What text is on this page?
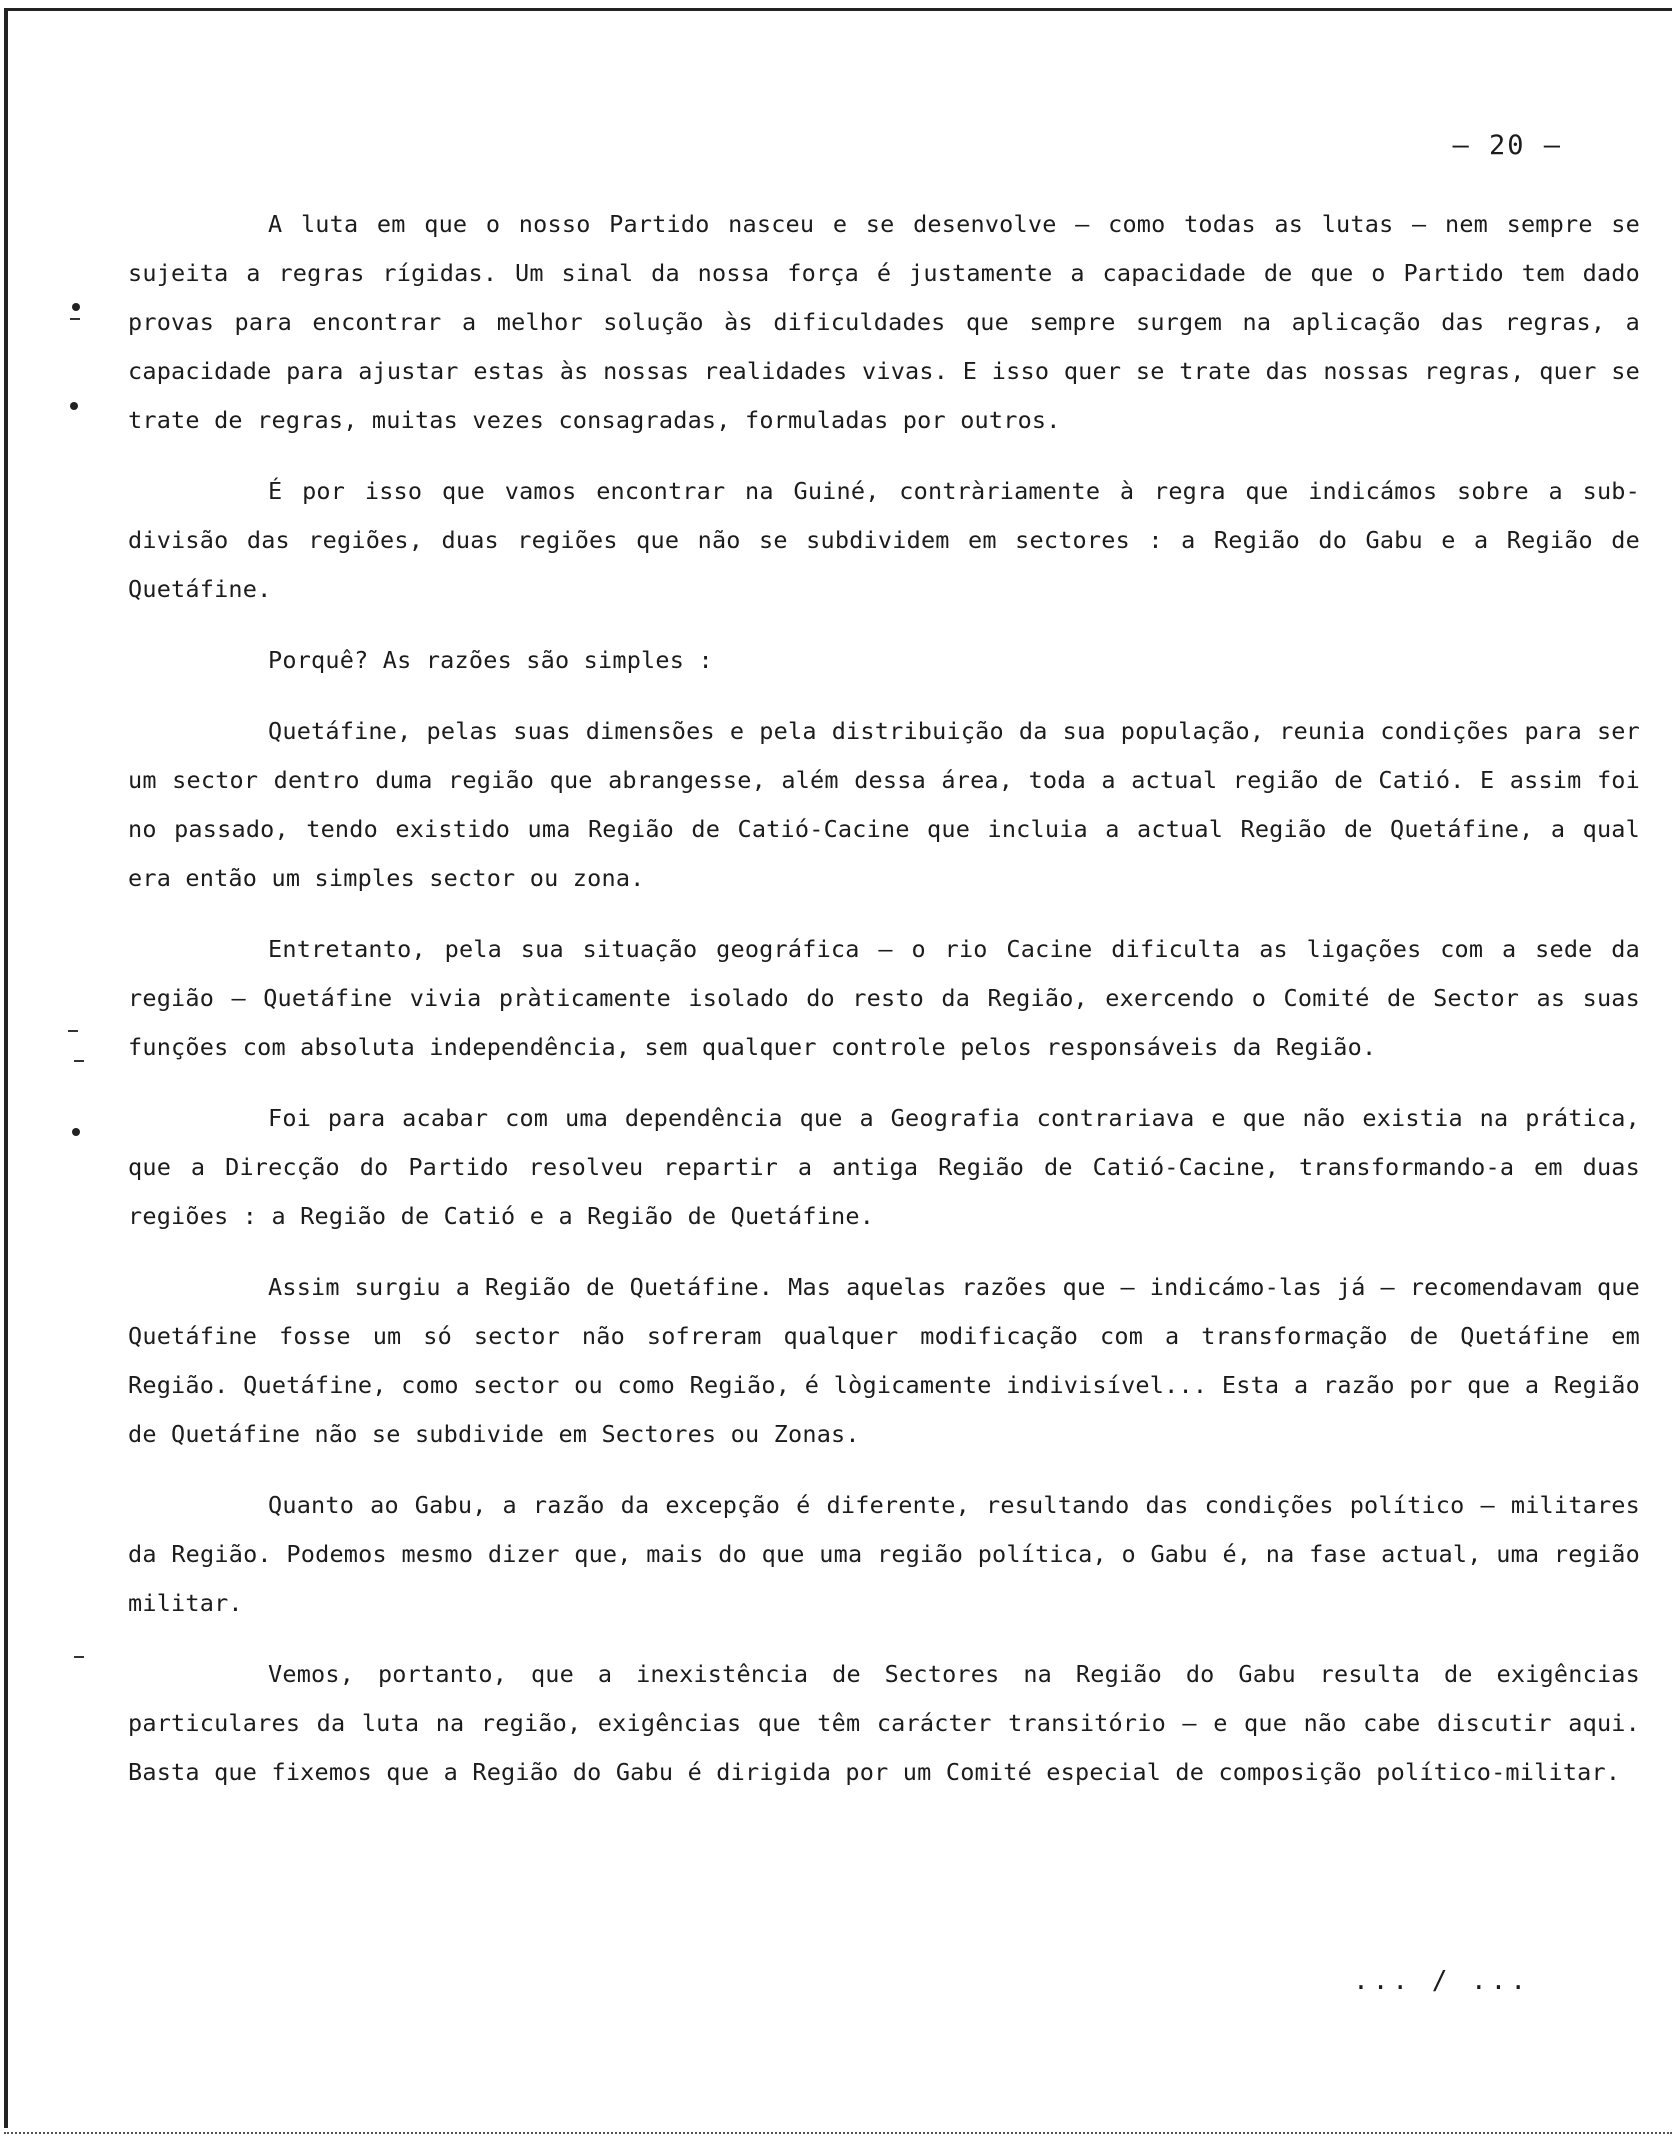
– 20 –

A luta em que o nosso Partido nasceu e se desenvolve – como todas as lutas – nem sempre se sujeita a regras rígidas. Um sinal da nossa força é justamente a capacidade de que o Partido tem dado provas para encontrar a melhor solução às dificuldades que sempre surgem na aplicação das regras, a capacidade para ajustar estas às nossas realidades vivas. E isso quer se trate das nossas regras, quer se trate de regras, muitas vezes consagradas, formuladas por outros.

É por isso que vamos encontrar na Guiné, contràriamente à regra que indicámos sobre a sub-divisão das regiões, duas regiões que não se subdividem em sectores : a Região do Gabu e a Região de Quetáfine.

Porquê? As razões são simples :

Quetáfine, pelas suas dimensões e pela distribuição da sua população, reunia condições para ser um sector dentro duma região que abrangesse, além dessa área, toda a actual região de Catió. E assim foi no passado, tendo existido uma Região de Catió-Cacine que incluia a actual Região de Quetáfine, a qual era então um simples sector ou zona.

Entretanto, pela sua situação geográfica – o rio Cacine dificulta as ligações com a sede da região – Quetáfine vivia pràticamente isolado do resto da Região, exercendo o Comité de Sector as suas funções com absoluta independência, sem qualquer controle pelos responsáveis da Região.

Foi para acabar com uma dependência que a Geografia contrariava e que não existia na prática, que a Direcção do Partido resolveu repartir a antiga Região de Catió-Cacine, transformando-a em duas regiões : a Região de Catió e a Região de Quetáfine.

Assim surgiu a Região de Quetáfine. Mas aquelas razões que – indicámo-las já – recomendavam que Quetáfine fosse um só sector não sofreram qualquer modificação com a transformação de Quetáfine em Região. Quetáfine, como sector ou como Região, é lògicamente indivisível... Esta a razão por que a Região de Quetáfine não se subdivide em Sectores ou Zonas.

Quanto ao Gabu, a razão da excepção é diferente, resultando das condições político – militares da Região. Podemos mesmo dizer que, mais do que uma região política, o Gabu é, na fase actual, uma região militar.

Vemos, portanto, que a inexistência de Sectores na Região do Gabu resulta de exigências particulares da luta na região, exigências que têm carácter transitório – e que não cabe discutir aqui. Basta que fixemos que a Região do Gabu é dirigida por um Comité especial de composição político-militar.

... / ...
